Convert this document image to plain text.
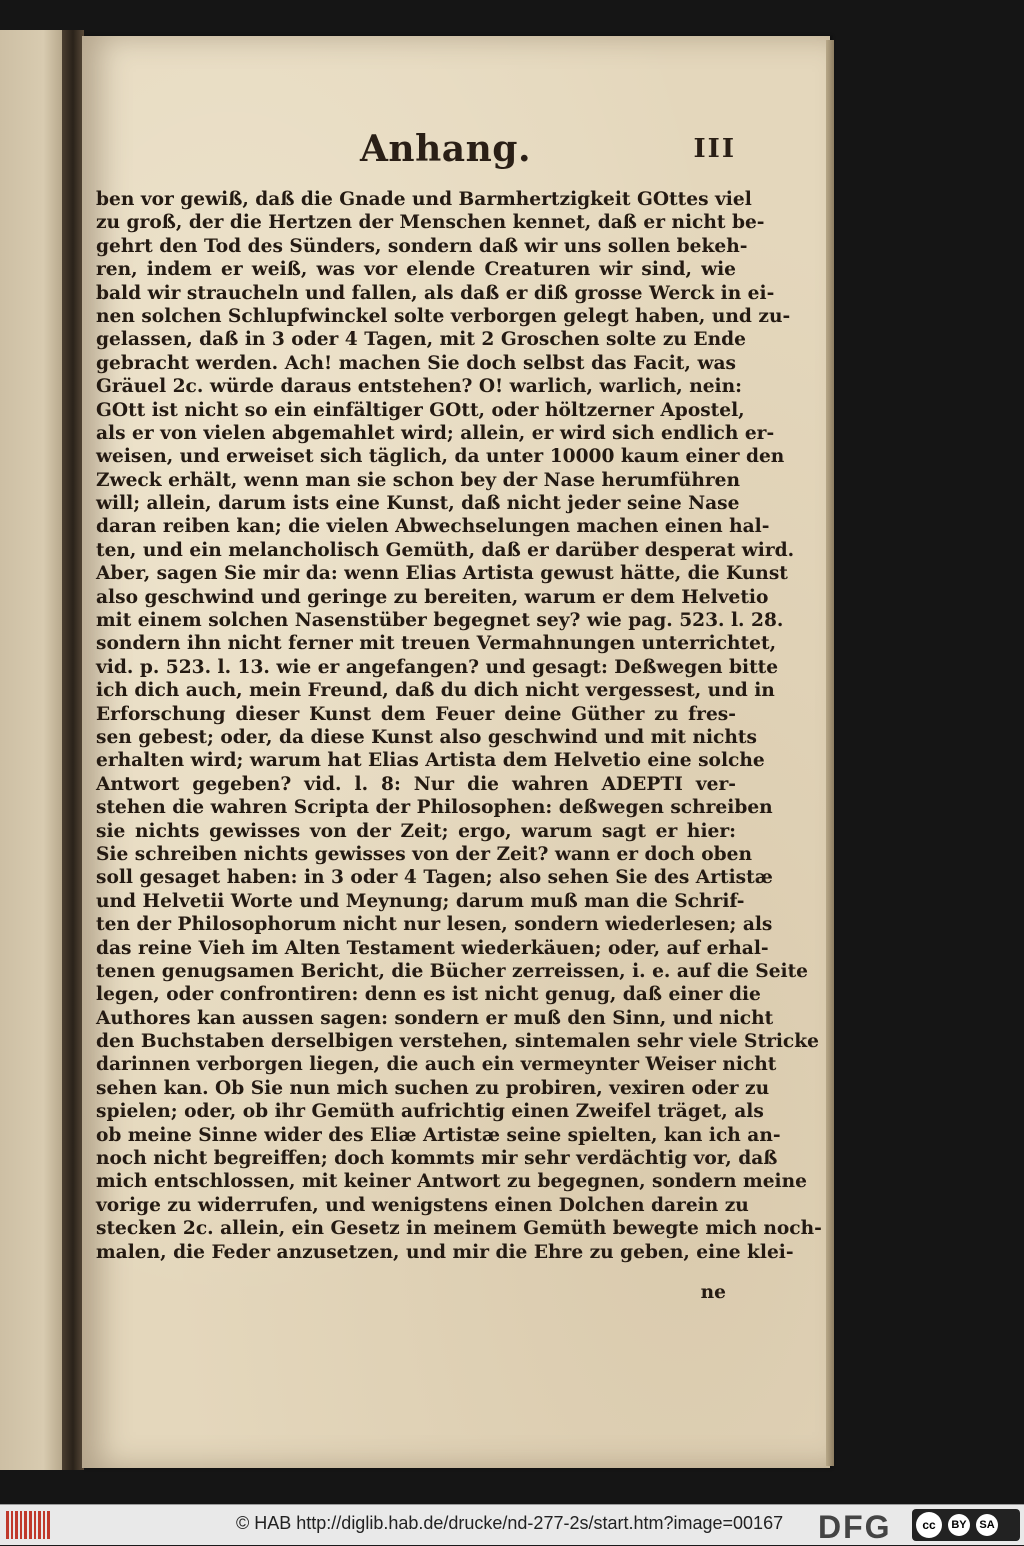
Anhang.	III
ben vor gewiß, daß die Gnade und Barmhertzigkeit GOttes viel
zu groß, der die Hertzen der Menschen kennet, daß er nicht be-
gehrt den Tod des Sünders, sondern daß wir uns sollen bekeh-
ren, indem er weiß, was vor elende Creaturen wir sind, wie
bald wir straucheln und fallen, als daß er diß grosse Werck in ei-
nen solchen Schlupfwinckel solte verborgen gelegt haben, und zu-
gelassen, daß in 3 oder 4 Tagen, mit 2 Groschen solte zu Ende
gebracht werden. Ach! machen Sie doch selbst das Facit, was
Gräuel 2c. würde daraus entstehen? O! warlich, warlich, nein:
GOtt ist nicht so ein einfältiger GOtt, oder höltzerner Apostel,
als er von vielen abgemahlet wird; allein, er wird sich endlich er-
weisen, und erweiset sich täglich, da unter 10000 kaum einer den
Zweck erhält, wenn man sie schon bey der Nase herumführen
will; allein, darum ists eine Kunst, daß nicht jeder seine Nase
daran reiben kan; die vielen Abwechselungen machen einen hal-
ten, und ein melancholisch Gemüth, daß er darüber desperat wird.
Aber, sagen Sie mir da: wenn Elias Artista gewust hätte, die Kunst
also geschwind und geringe zu bereiten, warum er dem Helvetio
mit einem solchen Nasenstüber begegnet sey? wie pag. 523. l. 28.
sondern ihn nicht ferner mit treuen Vermahnungen unterrichtet,
vid. p. 523. l. 13. wie er angefangen? und gesagt: Deßwegen bitte
ich dich auch, mein Freund, daß du dich nicht vergessest, und in
Erforschung dieser Kunst dem Feuer deine Güther zu fres-
sen gebest; oder, da diese Kunst also geschwind und mit nichts
erhalten wird; warum hat Elias Artista dem Helvetio eine solche
Antwort gegeben? vid. l. 8: Nur die wahren ADEPTI ver-
stehen die wahren Scripta der Philosophen: deßwegen schreiben
sie nichts gewisses von der Zeit; ergo, warum sagt er hier:
Sie schreiben nichts gewisses von der Zeit? wann er doch oben
soll gesaget haben: in 3 oder 4 Tagen; also sehen Sie des Artistæ
und Helvetii Worte und Meynung; darum muß man die Schrif-
ten der Philosophorum nicht nur lesen, sondern wiederlesen; als
das reine Vieh im Alten Testament wiederkäuen; oder, auf erhal-
tenen genugsamen Bericht, die Bücher zerreissen, i. e. auf die Seite
legen, oder confrontiren: denn es ist nicht genug, daß einer die
Authores kan aussen sagen: sondern er muß den Sinn, und nicht
den Buchstaben derselbigen verstehen, sintemalen sehr viele Stricke
darinnen verborgen liegen, die auch ein vermeynter Weiser nicht
sehen kan. Ob Sie nun mich suchen zu probiren, vexiren oder zu
spielen; oder, ob ihr Gemüth aufrichtig einen Zweifel träget, als
ob meine Sinne wider des Eliæ Artistæ seine spielten, kan ich an-
noch nicht begreiffen; doch kommts mir sehr verdächtig vor, daß
mich entschlossen, mit keiner Antwort zu begegnen, sondern meine
vorige zu widerrufen, und wenigstens einen Dolchen darein zu
stecken 2c. allein, ein Gesetz in meinem Gemüth bewegte mich noch-
malen, die Feder anzusetzen, und mir die Ehre zu geben, eine klei-
ne
© HAB http://diglib.hab.de/drucke/nd-277-2s/start.htm?image=00167 DFG	cc	BY	SA
